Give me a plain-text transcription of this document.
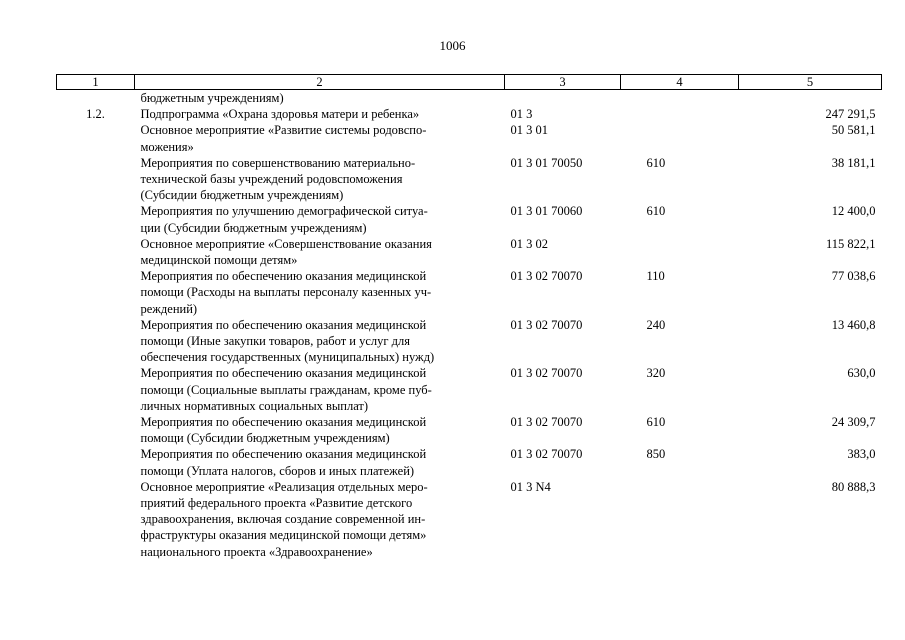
1006
1	2	3	4	5
	бюджетным учреждениям)			
1.2.	Подпрограмма «Охрана здоровья матери и ребенка»	01 3		247 291,5

	Основное мероприятие «Развитие системы родовспо-
можения»	01 3 01		50 581,1

	Мероприятия по совершенствованию материально-
технической базы учреждений родовспоможения
(Субсидии бюджетным учреждениям)	01 3 01 70050	610	38 181,1

	Мероприятия по улучшению демографической ситуа-
ции (Субсидии бюджетным учреждениям)	01 3 01 70060	610	12 400,0

	Основное мероприятие «Совершенствование оказания
медицинской помощи детям»	01 3 02		115 822,1

	Мероприятия по обеспечению оказания медицинской
помощи (Расходы на выплаты персоналу казенных уч-
реждений)	01 3 02 70070	110	77 038,6

	Мероприятия по обеспечению оказания медицинской
помощи (Иные закупки товаров, работ и услуг для
обеспечения государственных (муниципальных) нужд)	01 3 02 70070	240	13 460,8

	Мероприятия по обеспечению оказания медицинской
помощи (Социальные выплаты гражданам, кроме пуб-
личных нормативных социальных выплат)	01 3 02 70070	320	630,0

	Мероприятия по обеспечению оказания медицинской
помощи (Субсидии бюджетным учреждениям)	01 3 02 70070	610	24 309,7

	Мероприятия по обеспечению оказания медицинской
помощи (Уплата налогов, сборов и иных платежей)	01 3 02 70070	850	383,0

	Основное мероприятие «Реализация отдельных меро-
приятий федерального проекта «Развитие детского
здравоохранения, включая создание современной ин-
фраструктуры оказания медицинской помощи детям»
национального проекта «Здравоохранение»	01 3 N4		80 888,3
